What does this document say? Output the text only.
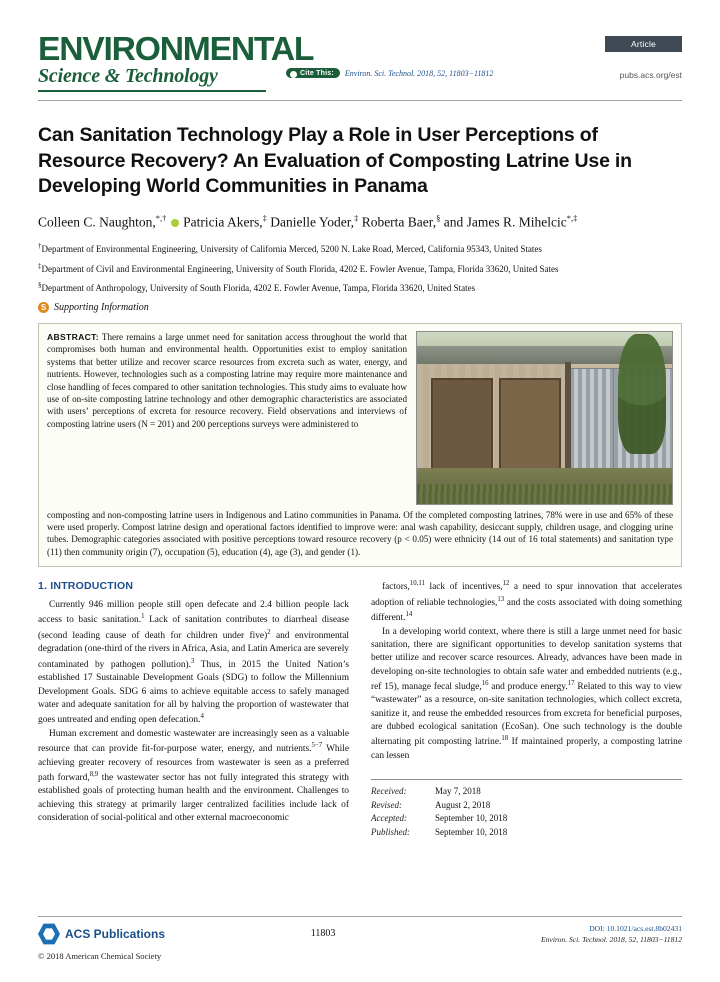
ENVIRONMENTAL
Science & Technology	Cite This:	Environ. Sci. Technol. 2018, 52, 11803−11812
Article
pubs.acs.org/est
Can Sanitation Technology Play a Role in User Perceptions of Resource Recovery? An Evaluation of Composting Latrine Use in Developing World Communities in Panama
Colleen C. Naughton,*,†  Patricia Akers,‡ Danielle Yoder,‡ Roberta Baer,§ and James R. Mihelcic*,‡

†Department of Environmental Engineering, University of California Merced, 5200 N. Lake Road, Merced, California 95343, United States

‡Department of Civil and Environmental Engineering, University of South Florida, 4202 E. Fowler Avenue, Tampa, Florida 33620, United Sates

§Department of Anthropology, University of South Florida, 4202 E. Fowler Avenue, Tampa, Florida 33620, United States

S Supporting Information
ABSTRACT: There remains a large unmet need for sanitation access throughout the world that compromises both human and environmental health. Opportunities exist to employ sanitation systems that better utilize and recover scarce resources from excreta such as water, energy, and nutrients. However, technologies such as a composting latrine may require more maintenance and close handling of feces compared to other sanitation technologies. This study aims to evaluate how use of on-site composting latrine technology and other demographic characteristics are associated with users’ perceptions of excreta for resource recovery. Field observations and interviews of composting latrine users (N = 201) and 200 perceptions surveys were administered to
composting and non-composting latrine users in Indigenous and Latino communities in Panama. Of the completed composting latrines, 78% were in use and 65% of these were used properly. Compost latrine design and operational factors identified to improve were: anal wash capability, desiccant supply, children usage, and clogging urine tubes. Demographic categories associated with positive perceptions toward resource recovery (p < 0.05) were ethnicity (14 out of 16 total statements) and sanitation type (11) then community origin (7), occupation (5), education (4), age (3), and gender (1).
1. INTRODUCTION

Currently 946 million people still open defecate and 2.4 billion people lack access to basic sanitation.$^1$ Lack of sanitation contributes to diarrheal disease (second leading cause of death for children under five)$^2$ and environmental degradation (one-third of the rivers in Africa, Asia, and Latin America are severely contaminated by pathogen pollution).$^3$ Thus, in 2015 the United Nation’s established 17 Sustainable Development Goals (SDG) to follow the Millennium Development Goals. SDG 6 aims to achieve equitable access to safely managed water and adequate sanitation for all by halving the proportion of wastewater that goes untreated and ending open defecation.$^4$

Human excrement and domestic wastewater are increasingly seen as a valuable resource that can provide fit-for-purpose water, energy, and nutrients.$^{5-7}$ While achieving greater recovery of resources from wastewater is seen as a preferred path forward,$^{8,9}$ the wastewater sector has not fully integrated this strategy with established goals of protecting human health and the environment. Challenges to achieving this strategy at primarily larger centralized facilities include lack of consideration of social-political and other external macroeconomic

factors,$^{10,11}$ lack of incentives,$^{12}$ a need to spur innovation that accelerates adoption of reliable technologies,$^{13}$ and the costs associated with doing something different.$^{14}$

In a developing world context, where there is still a large unmet need for basic sanitation, there are significant opportunities to develop sanitation systems that better utilize and recover scarce resources. Already, advances have been made in developing on-site technologies to obtain safe water and embedded nutrients (e.g., ref 15), manage fecal sludge,$^{16}$ and produce energy.$^{17}$ Related to this way to view “wastewater” as a resource, on-site sanitation technologies, which collect excreta, sanitize it, and reuse the embedded resources from excreta for beneficial purposes, are dubbed ecological sanitation (EcoSan). One such technology is the double alternating pit composting latrine.$^{18}$ If maintained properly, a composting latrine can lessen

Received:	May 7, 2018
Revised:	August 2, 2018
Accepted:	September 10, 2018
Published:	September 10, 2018
ACS Publications
© 2018 American Chemical Society
11803	DOI: 10.1021/acs.est.8b02431
Environ. Sci. Technol. 2018, 52, 11803−11812
